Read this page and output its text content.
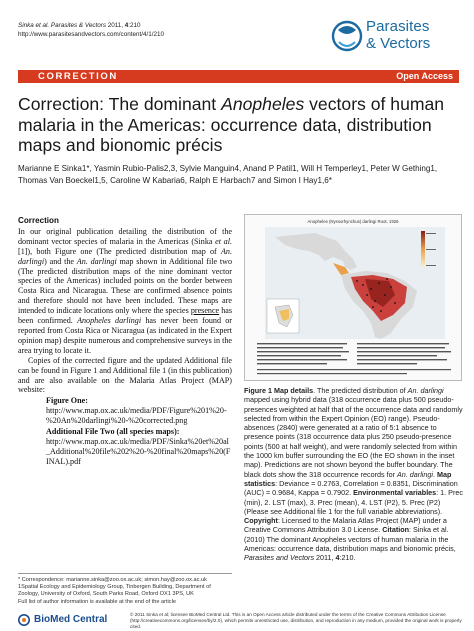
Sinka et al. Parasites & Vectors 2011, 4:210
http://www.parasitesandvectors.com/content/4/1/210	Parasites
& Vectors
CORRECTION	Open Access
Correction: The dominant Anopheles vectors of human malaria in the Americas: occurrence data, distribution maps and bionomic précis
Marianne E Sinka1*, Yasmin Rubio-Palis2,3, Sylvie Manguin4, Anand P Patil1, Will H Temperley1, Peter W Gething1, Thomas Van Boeckel1,5, Caroline W Kabaria6, Ralph E Harbach7 and Simon I Hay1,6*
Correction

In our original publication detailing the distribution of the dominant vector species of malaria in the Americas (Sinka et al. [1]), both Figure one (The predicted distribution map of An. darlingi) and the An. darlingi map shown in Additional file two (The predicted distribution maps of the nine dominant vector species of the Americas) included points on the border between Costa Rica and Nicaragua. These are confirmed absence points and therefore should not have been included. These maps are intended to indicate locations only where the species presence has been confirmed. Anopheles darlingi has never been found or reported from Costa Rica or Nicaragua (as indicated in the Expert opinion map) despite numerous and comprehensive surveys in the area trying to locate it.

Copies of the corrected figure and the updated Additional file can be found in Figure 1 and Additional file 1 (in this publication) and are also available on the Malaria Atlas Project (MAP) website:

Figure One:
http://www.map.ox.ac.uk/media/PDF/Figure%201%20-%20An%20darlingi%20-%20corrected.png
Additional File Two (all species maps):
http://www.map.ox.ac.uk/media/PDF/Sinka%20et%20al_Additional%20file%202%20-%20final%20maps%20(FINAL).pdf
* Correspondence: marianne.sinka@zoo.ox.ac.uk; simon.hay@zoo.ox.ac.uk
1Spatial Ecology and Epidemiology Group, Tinbergen Building, Department of Zoology, University of Oxford, South Parks Road, Oxford OX1 3PS, UK
Full list of author information is available at the end of the article
BioMed Central	© 2011 Sinka et al; licensee BioMed Central Ltd. This is an Open Access article distributed under the terms of the Creative Commons Attribution License (http://creativecommons.org/licenses/by/2.0), which permits unrestricted use, distribution, and reproduction in any medium, provided the original work is properly cited.
Anopheles (Nyssorhynchus) darlingi Root, 1926
Figure 1 Map details. The predicted distribution of An. darlingi mapped using hybrid data (318 occurrence data plus 500 pseudo-presences weighted at half that of the occurrence data and randomly selected from within the Expert Opinion (EO) range). Pseudo-absences (2840) were generated at a ratio of 5:1 absence to presence points (318 occurrence data plus 250 pseudo-presence points (500 at half weight), and were randomly selected from within the 1000 km buffer surrounding the EO (the EO shown in the inset map). Predictions are not shown beyond the buffer boundary. The black dots show the 318 occurrence records for An. darlingi. Map statistics: Deviance = 0.2763, Correlation = 0.8351, Discrimination (AUC) = 0.9684, Kappa = 0.7902. Environmental variables: 1. Prec (min), 2. LST (max), 3. Prec (mean), 4. LST (P2), 5. Prec (P2) (Please see Additional file 1 for the full variable abbreviations). Copyright: Licensed to the Malaria Atlas Project (MAP) under a Creative Commons Attribution 3.0 License. Citation: Sinka et al. (2010) The dominant Anopheles vectors of human malaria in the Americas: occurrence data, distribution maps and bionomic précis, Parasites and Vectors 2011, 4:210.
